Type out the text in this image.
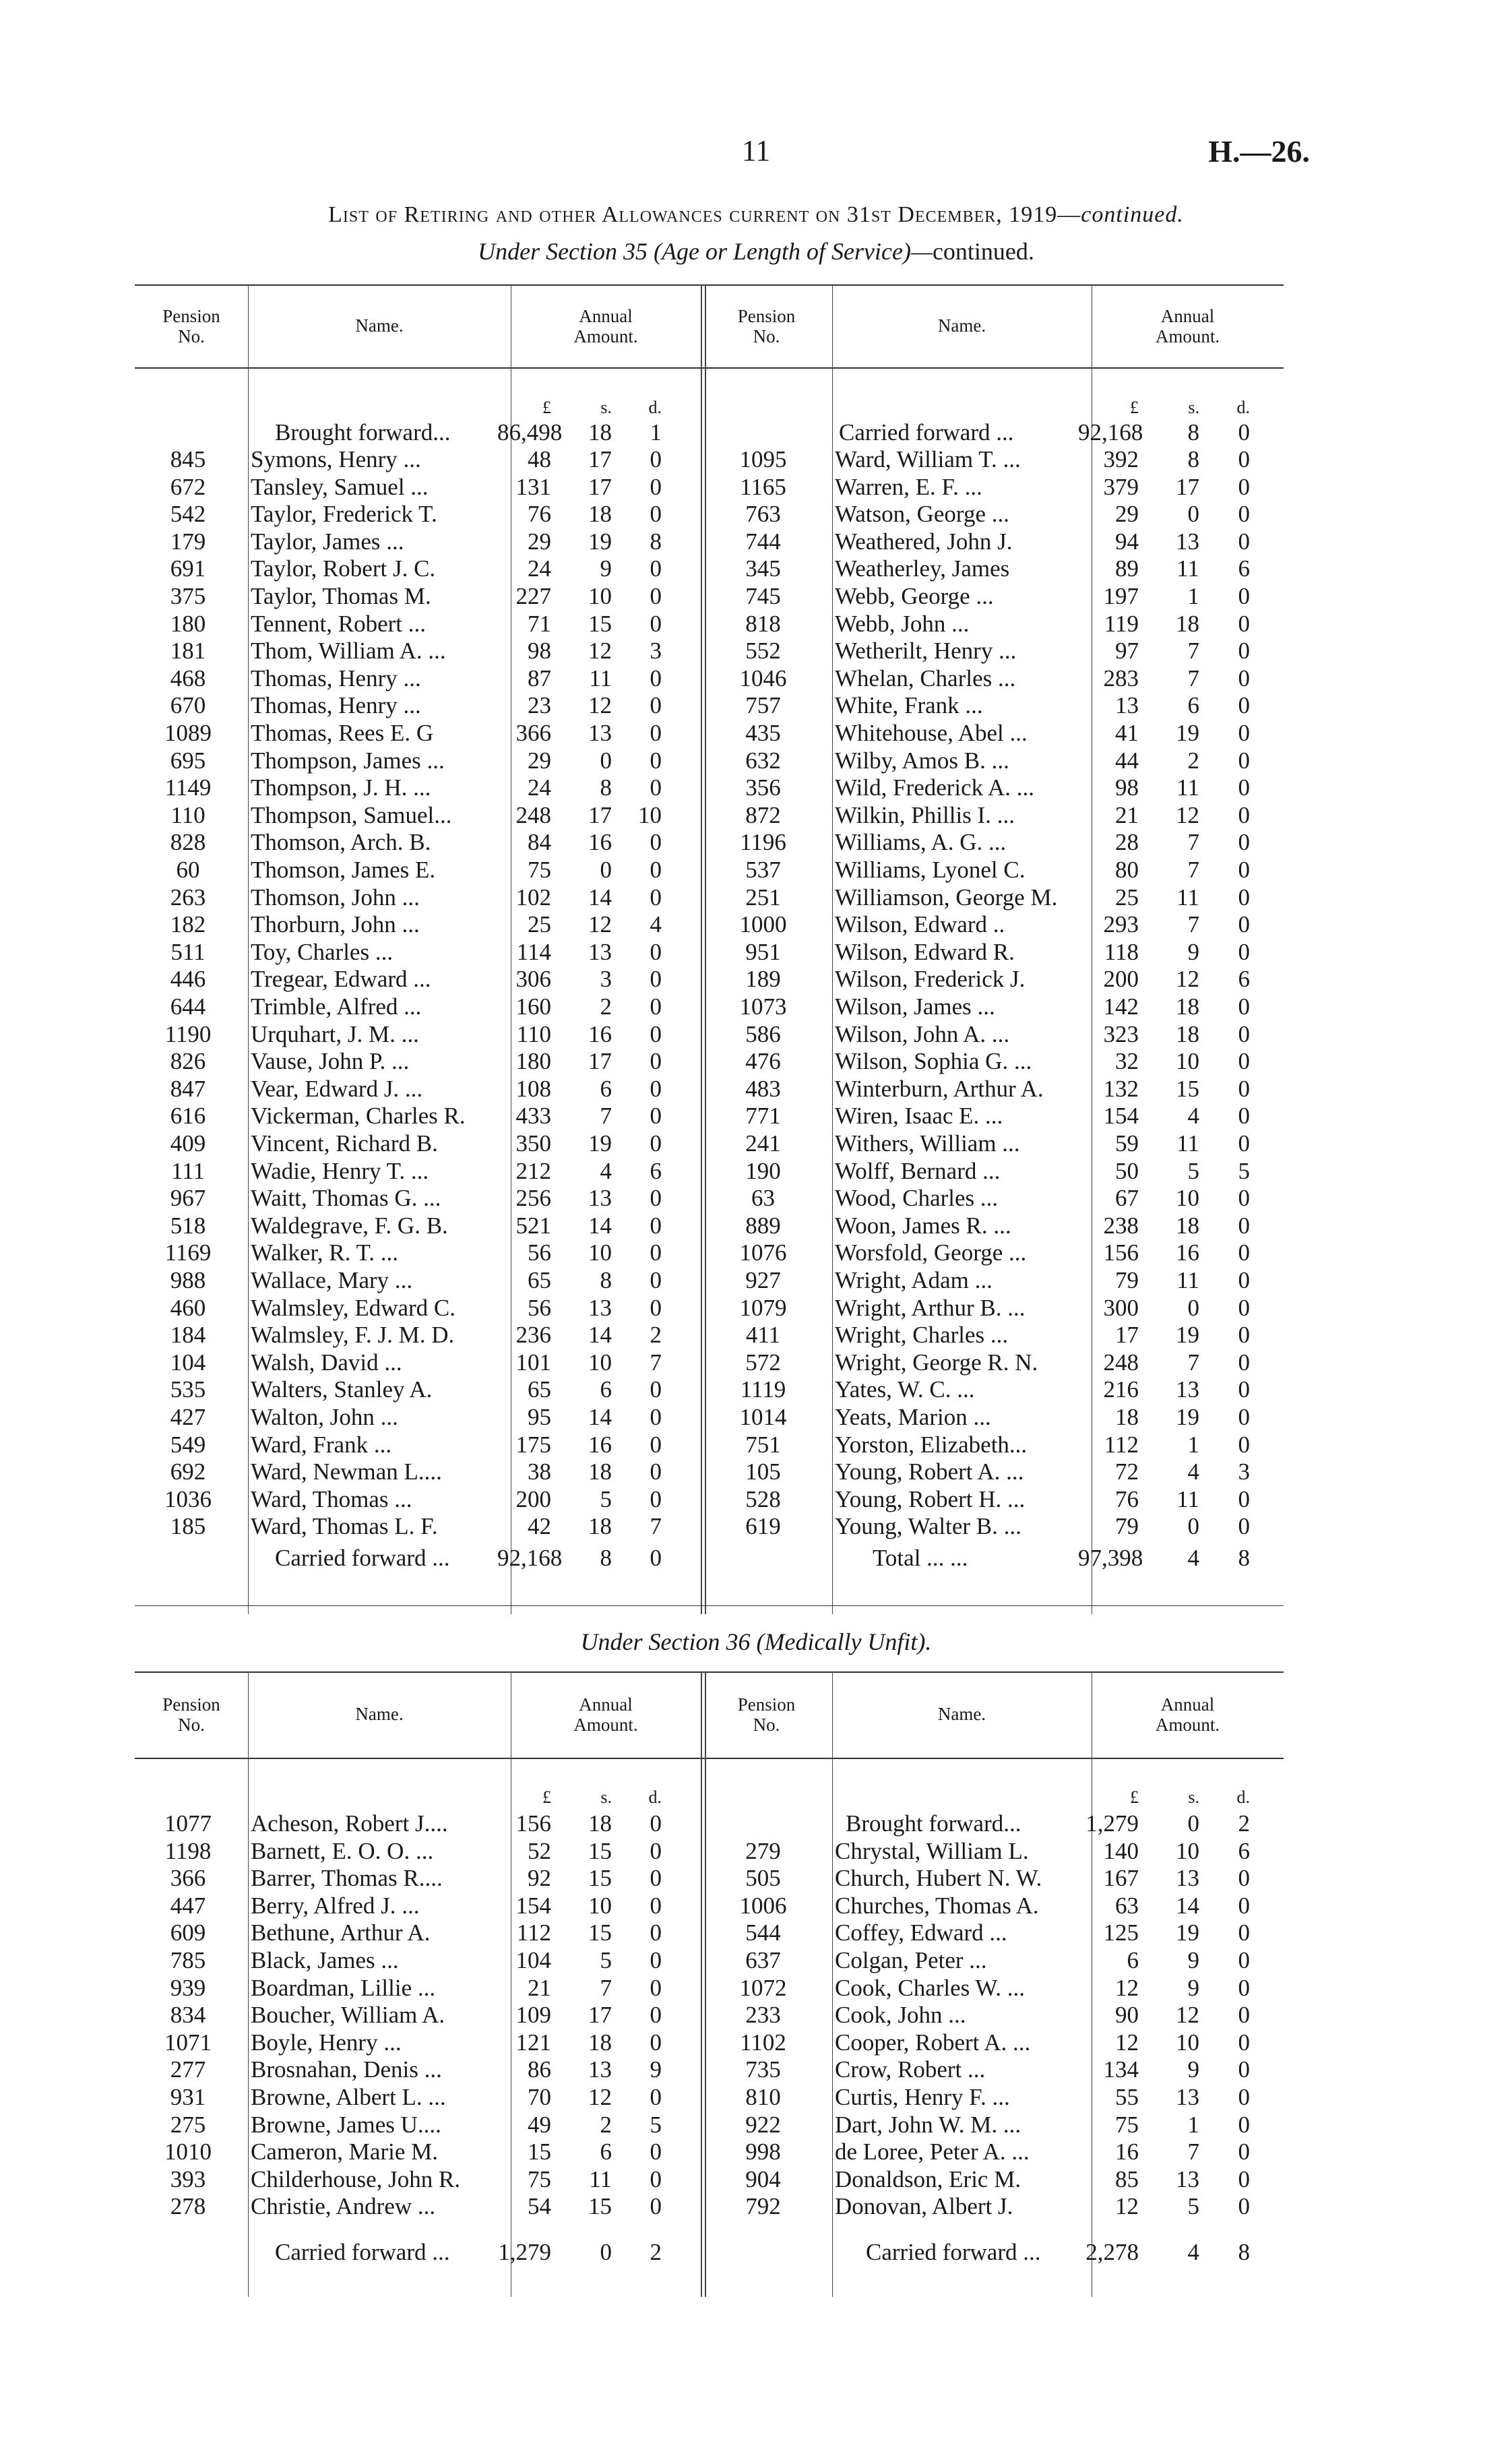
11	H.—26.
List of Retiring and other Allowances current on 31st December, 1919—continued.
Under Section 35 (Age or Length of Service)—continued.
Pension
No.
Name.	Annual
Amount.
Pension
No.
Name.	Annual
Amount.
£	s.	d.	£	s.	d.
Brought forward... 86,498	18	1	Carried forward ...	92,168	8	0
845	Symons, Henry ...	48	17	0
672	Tansley, Samuel ...	131	17	0
542	Taylor, Frederick T.	76	18	0
179	Taylor, James ...	29	19	8
691	Taylor, Robert J. C.	24	9	0
375	Taylor, Thomas M.	227	10	0
180	Tennent, Robert ...	71	15	0
181	Thom, William A. ...	98	12	3
468	Thomas, Henry ...	87	11	0
670	Thomas, Henry ...	23	12	0
1089	Thomas, Rees E. G	366	13	0
695	Thompson, James ...	29	0	0
1149	Thompson, J. H. ...	24	8	0
110	Thompson, Samuel...	248	17	10
828	Thomson, Arch. B.	84	16	0
60	Thomson, James E.	75	0	0
263	Thomson, John ...	102	14	0
182	Thorburn, John ...	25	12	4
511	Toy, Charles ...	114	13	0
446	Tregear, Edward ...	306	3	0
644	Trimble, Alfred ...	160	2	0
1190	Urquhart, J. M. ...	110	16	0
826	Vause, John P. ...	180	17	0
847	Vear, Edward J. ...	108	6	0
616	Vickerman, Charles R.	433	7	0
409	Vincent, Richard B.	350	19	0
111	Wadie, Henry T. ...	212	4	6
967	Waitt, Thomas G. ...	256	13	0
518	Waldegrave, F. G. B.	521	14	0
1169	Walker, R. T. ...	56	10	0
988	Wallace, Mary ...	65	8	0
460	Walmsley, Edward C.	56	13	0
184	Walmsley, F. J. M. D.	236	14	2
104	Walsh, David ...	101	10	7
535	Walters, Stanley A.	65	6	0
427	Walton, John ...	95	14	0
549	Ward, Frank ...	175	16	0
692	Ward, Newman L....	38	18	0
1036	Ward, Thomas ...	200	5	0
185	Ward, Thomas L. F.	42	18	7
1095	Ward, William T. ...	392	8	0
1165	Warren, E. F. ...	379	17	0
763	Watson, George ...	29	0	0
744	Weathered, John J.	94	13	0
345	Weatherley, James	89	11	6
745	Webb, George ...	197	1	0
818	Webb, John ...	119	18	0
552	Wetherilt, Henry ...	97	7	0
1046	Whelan, Charles ...	283	7	0
757	White, Frank ...	13	6	0
435	Whitehouse, Abel ...	41	19	0
632	Wilby, Amos B. ...	44	2	0
356	Wild, Frederick A. ...	98	11	0
872	Wilkin, Phillis I. ...	21	12	0
1196	Williams, A. G. ...	28	7	0
537	Williams, Lyonel C.	80	7	0
251	Williamson, George M.	25	11	0
1000	Wilson, Edward ..	293	7	0
951	Wilson, Edward R.	118	9	0
189	Wilson, Frederick J.	200	12	6
1073	Wilson, James ...	142	18	0
586	Wilson, John A. ...	323	18	0
476	Wilson, Sophia G. ...	32	10	0
483	Winterburn, Arthur A.	132	15	0
771	Wiren, Isaac E. ...	154	4	0
241	Withers, William ...	59	11	0
190	Wolff, Bernard ...	50	5	5
63	Wood, Charles ...	67	10	0
889	Woon, James R. ...	238	18	0
1076	Worsfold, George ...	156	16	0
927	Wright, Adam ...	79	11	0
1079	Wright, Arthur B. ...	300	0	0
411	Wright, Charles ...	17	19	0
572	Wright, George R. N.	248	7	0
1119	Yates, W. C. ...	216	13	0
1014	Yeats, Marion ...	18	19	0
751	Yorston, Elizabeth...	112	1	0
105	Young, Robert A. ...	72	4	3
528	Young, Robert H. ...	76	11	0
619	Young, Walter B. ...	79	0	0
Carried forward ... 92,168	8	0	Total ... ...	97,398	4	8
Under Section 36 (Medically Unfit).
Pension
No.
Name.	Annual
Amount.
Pension
No.
Name.	Annual
Amount.
£	s.	d.	£	s.	d.
1077	Acheson, Robert J....	156	18	0
1198	Barnett, E. O. O. ...	52	15	0
366	Barrer, Thomas R....	92	15	0
447	Berry, Alfred J. ...	154	10	0
609	Bethune, Arthur A.	112	15	0
785	Black, James ...	104	5	0
939	Boardman, Lillie ...	21	7	0
834	Boucher, William A.	109	17	0
1071	Boyle, Henry ...	121	18	0
277	Brosnahan, Denis ...	86	13	9
931	Browne, Albert L. ...	70	12	0
275	Browne, James U....	49	2	5
1010	Cameron, Marie M.	15	6	0
393	Childerhouse, John R.	75	11	0
278	Christie, Andrew ...	54	15	0
Brought forward...	1,279	0	2
279	Chrystal, William L.	140	10	6
505	Church, Hubert N. W.	167	13	0
1006	Churches, Thomas A.	63	14	0
544	Coffey, Edward ...	125	19	0
637	Colgan, Peter ...	6	9	0
1072	Cook, Charles W. ...	12	9	0
233	Cook, John ...	90	12	0
1102	Cooper, Robert A. ...	12	10	0
735	Crow, Robert ...	134	9	0
810	Curtis, Henry F. ...	55	13	0
922	Dart, John W. M. ...	75	1	0
998	de Loree, Peter A. ...	16	7	0
904	Donaldson, Eric M.	85	13	0
792	Donovan, Albert J.	12	5	0
Carried forward ... 1,279	0	2	Carried forward ...	2,278	4	8
